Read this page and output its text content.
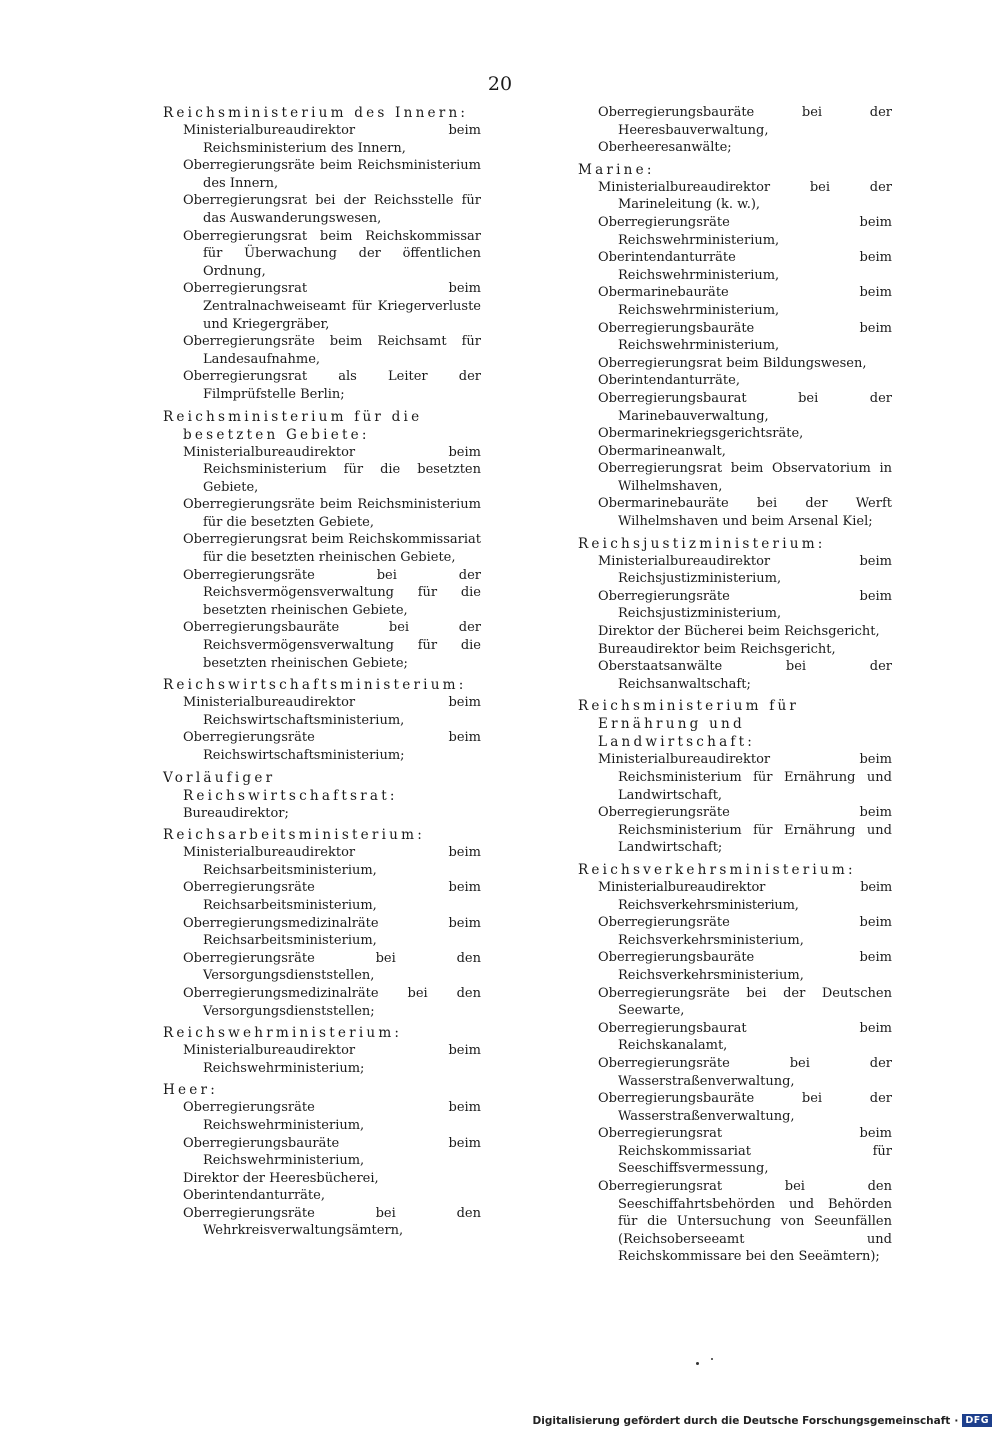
20
Reichsministerium des Innern:
Ministerialbureaudirektor beim Reichsministerium des Innern,
Oberregierungsräte beim Reichsministerium des Innern,
Oberregierungsrat bei der Reichsstelle für das Auswanderungswesen,
Oberregierungsrat beim Reichskommissar für Überwachung der öffentlichen Ordnung,
Oberregierungsrat beim Zentralnachweiseamt für Kriegerverluste und Kriegergräber,
Oberregierungsräte beim Reichsamt für Landesaufnahme,
Oberregierungsrat als Leiter der Filmprüfstelle Berlin;
Reichsministerium für die besetzten Gebiete:
Ministerialbureaudirektor beim Reichsministerium für die besetzten Gebiete,
Oberregierungsräte beim Reichsministerium für die besetzten Gebiete,
Oberregierungsrat beim Reichskommissariat für die besetzten rheinischen Gebiete,
Oberregierungsräte bei der Reichsvermögensverwaltung für die besetzten rheinischen Gebiete,
Oberregierungsbauräte bei der Reichsvermögensverwaltung für die besetzten rheinischen Gebiete;
Reichswirtschaftsministerium:
Ministerialbureaudirektor beim Reichswirtschaftsministerium,
Oberregierungsräte beim Reichswirtschaftsministerium;
Vorläufiger Reichswirtschaftsrat:
Bureaudirektor;
Reichsarbeitsministerium:
Ministerialbureaudirektor beim Reichsarbeitsministerium,
Oberregierungsräte beim Reichsarbeitsministerium,
Oberregierungsmedizinalräte beim Reichsarbeitsministerium,
Oberregierungsräte bei den Versorgungsdienststellen,
Oberregierungsmedizinalräte bei den Versorgungsdienststellen;
Reichswehrministerium:
Ministerialbureaudirektor beim Reichswehrministerium;
Heer:
Oberregierungsräte beim Reichswehrministerium,
Oberregierungsbauräte beim Reichswehrministerium,
Direktor der Heeresbücherei,
Oberintendanturräte,
Oberregierungsräte bei den Wehrkreisverwaltungsämtern,
Oberregierungsbauräte bei der Heeresbauverwaltung,
Oberheeresanwälte;
Marine:
Ministerialbureaudirektor bei der Marineleitung (k. w.),
Oberregierungsräte beim Reichswehrministerium,
Oberintendanturräte beim Reichswehrministerium,
Obermarinebauräte beim Reichswehrministerium,
Oberregierungsbauräte beim Reichswehrministerium,
Oberregierungsrat beim Bildungswesen,
Oberintendanturräte,
Oberregierungsbaurat bei der Marinebauverwaltung,
Obermarinekriegsgerichtsräte,
Obermarineanwalt,
Oberregierungsrat beim Observatorium in Wilhelmshaven,
Obermarinebauräte bei der Werft Wilhelmshaven und beim Arsenal Kiel;
Reichsjustizministerium:
Ministerialbureaudirektor beim Reichsjustizministerium,
Oberregierungsräte beim Reichsjustizministerium,
Direktor der Bücherei beim Reichsgericht,
Bureaudirektor beim Reichsgericht,
Oberstaatsanwälte bei der Reichsanwaltschaft;
Reichsministerium für Ernährung und Landwirtschaft:
Ministerialbureaudirektor beim Reichsministerium für Ernährung und Landwirtschaft,
Oberregierungsräte beim Reichsministerium für Ernährung und Landwirtschaft;
Reichsverkehrsministerium:
Ministerialbureaudirektor beim Reichsverkehrsministerium,
Oberregierungsräte beim Reichsverkehrsministerium,
Oberregierungsbauräte beim Reichsverkehrsministerium,
Oberregierungsräte bei der Deutschen Seewarte,
Oberregierungsbaurat beim Reichskanalamt,
Oberregierungsräte bei der Wasserstraßenverwaltung,
Oberregierungsbauräte bei der Wasserstraßenverwaltung,
Oberregierungsrat beim Reichskommissariat für Seeschiffsvermessung,
Oberregierungsrat bei den Seeschiffahrtsbehörden und Behörden für die Untersuchung von Seeunfällen (Reichsoberseeamt und Reichskommissare bei den Seeämtern);
Digitalisierung gefördert durch die Deutsche Forschungsgemeinschaft · DFG
